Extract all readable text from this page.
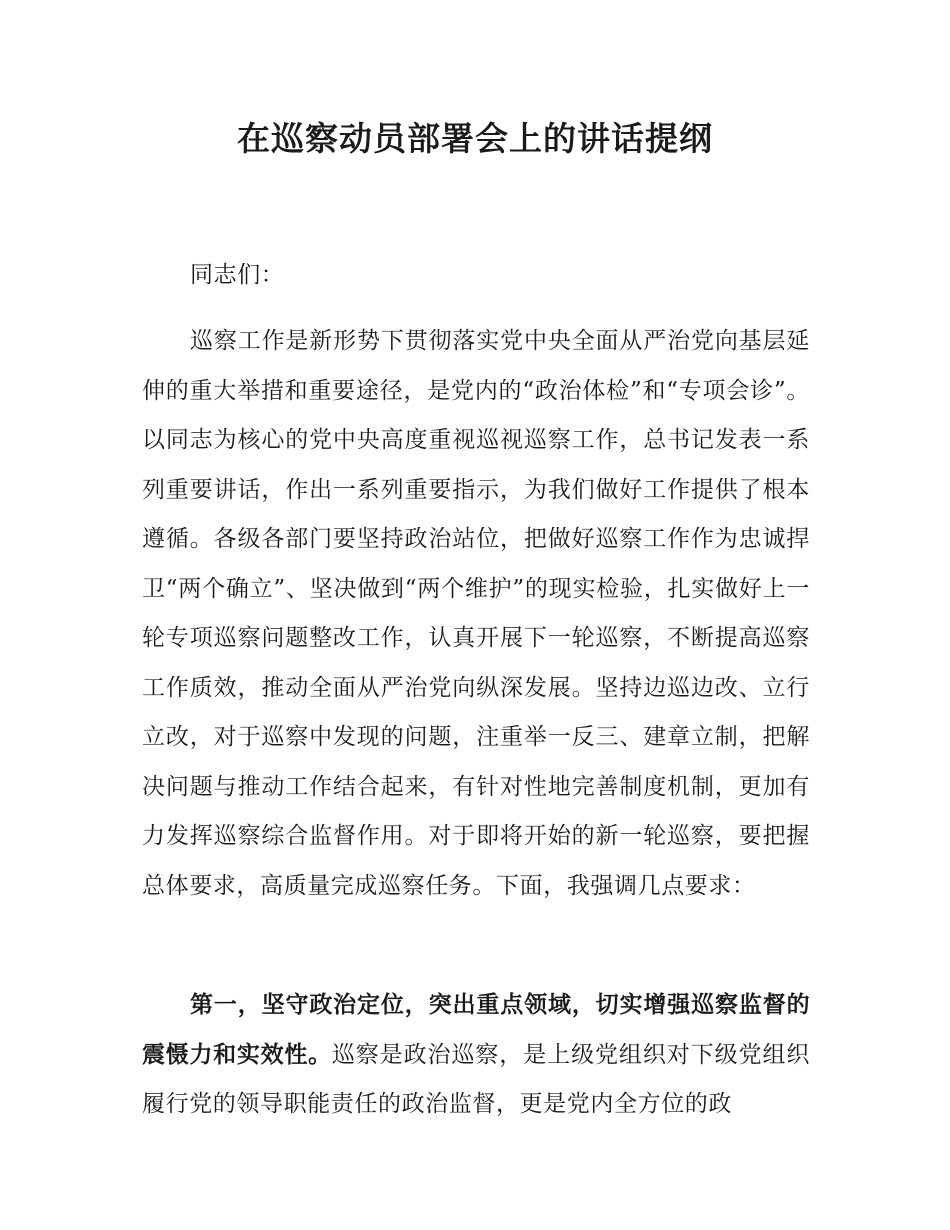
在巡察动员部署会上的讲话提纲

同志们：

巡察工作是新形势下贯彻落实党中央全面从严治党向基层延伸的重大举措和重要途径，是党内的“政治体检”和“专项会诊”。以同志为核心的党中央高度重视巡视巡察工作，总书记发表一系列重要讲话，作出一系列重要指示，为我们做好工作提供了根本遵循。各级各部门要坚持政治站位，把做好巡察工作作为忠诚捍卫“两个确立”、坚决做到“两个维护”的现实检验，扎实做好上一轮专项巡察问题整改工作，认真开展下一轮巡察，不断提高巡察工作质效，推动全面从严治党向纵深发展。坚持边巡边改、立行立改，对于巡察中发现的问题，注重举一反三、建章立制，把解决问题与推动工作结合起来，有针对性地完善制度机制，更加有力发挥巡察综合监督作用。对于即将开始的新一轮巡察，要把握总体要求，高质量完成巡察任务。下面，我强调几点要求：

第一，坚守政治定位，突出重点领域，切实增强巡察监督的震慑力和实效性。巡察是政治巡察，是上级党组织对下级党组织履行党的领导职能责任的政治监督，更是党内全方位的政
